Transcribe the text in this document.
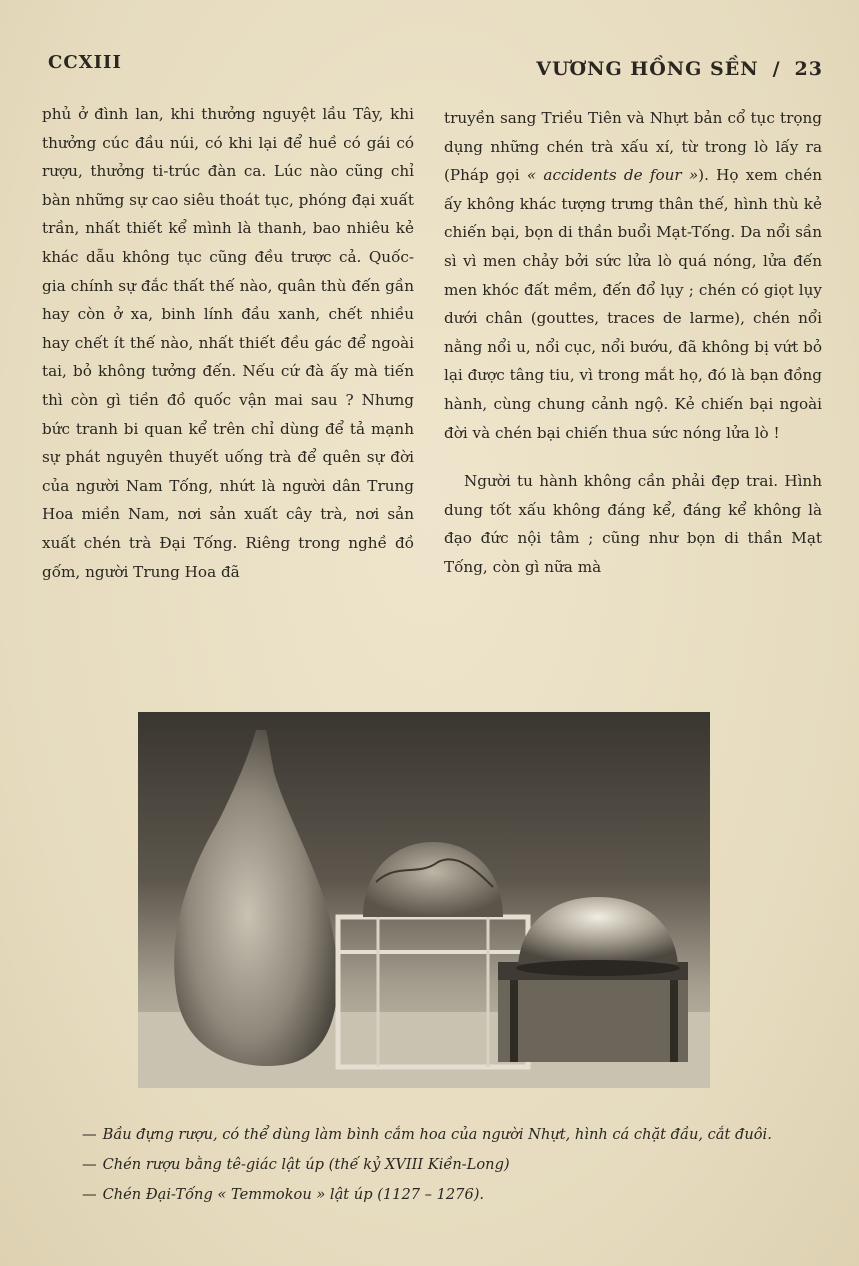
CCXIII	VƯƠNG HỒNG SỀN / 23

phủ ở đình lan, khi thưởng nguyệt lầu Tây, khi thưởng cúc đầu núi, có khi lại để huề có gái có rượu, thưởng ti-trúc đàn ca. Lúc nào cũng chỉ bàn những sự cao siêu thoát tục, phóng đại xuất trần, nhất thiết kể mình là thanh, bao nhiêu kẻ khác dẫu không tục cũng đều trược cả. Quốc-gia chính sự đắc thất thế nào, quân thù đến gần hay còn ở xa, binh lính đầu xanh, chết nhiều hay chết ít thế nào, nhất thiết đều gác để ngoài tai, bỏ không tưởng đến. Nếu cứ đà ấy mà tiến thì còn gì tiền đồ quốc vận mai sau ? Nhưng bức tranh bi quan kể trên chỉ dùng để tả mạnh sự phát nguyên thuyết uống trà để quên sự đời của người Nam Tống, nhứt là người dân Trung Hoa miền Nam, nơi sản xuất cây trà, nơi sản xuất chén trà Đại Tống. Riêng trong nghề đồ gốm, người Trung Hoa đã

truyền sang Triều Tiên và Nhựt bản cổ tục trọng dụng những chén trà xấu xí, từ trong lò lấy ra (Pháp gọi « accidents de four »). Họ xem chén ấy không khác tượng trưng thân thế, hình thù kẻ chiến bại, bọn di thần buổi Mạt-Tống. Da nổi sần sì vì men chảy bởi sức lửa lò quá nóng, lửa đến men khóc đất mềm, đến đổ lụy ; chén có giọt lụy dưới chân (gouttes, traces de larme), chén nổi nằng nổi u, nổi cục, nổi bướu, đã không bị vứt bỏ lại được tâng tiu, vì trong mắt họ, đó là bạn đồng hành, cùng chung cảnh ngộ. Kẻ chiến bại ngoài đời và chén bại chiến thua sức nóng lửa lò !

Người tu hành không cần phải đẹp trai. Hình dung tốt xấu không đáng kể, đáng kể không là đạo đức nội tâm ; cũng như bọn di thần Mạt Tống, còn gì nữa mà

— Bầu đựng rượu, có thể dùng làm bình cắm hoa của người Nhựt, hình cá chặt đầu, cắt đuôi.
— Chén rượu bằng tê-giác lật úp (thế kỷ XVIII Kiền-Long)
— Chén Đại-Tống « Temmokou » lật úp (1127 – 1276).
